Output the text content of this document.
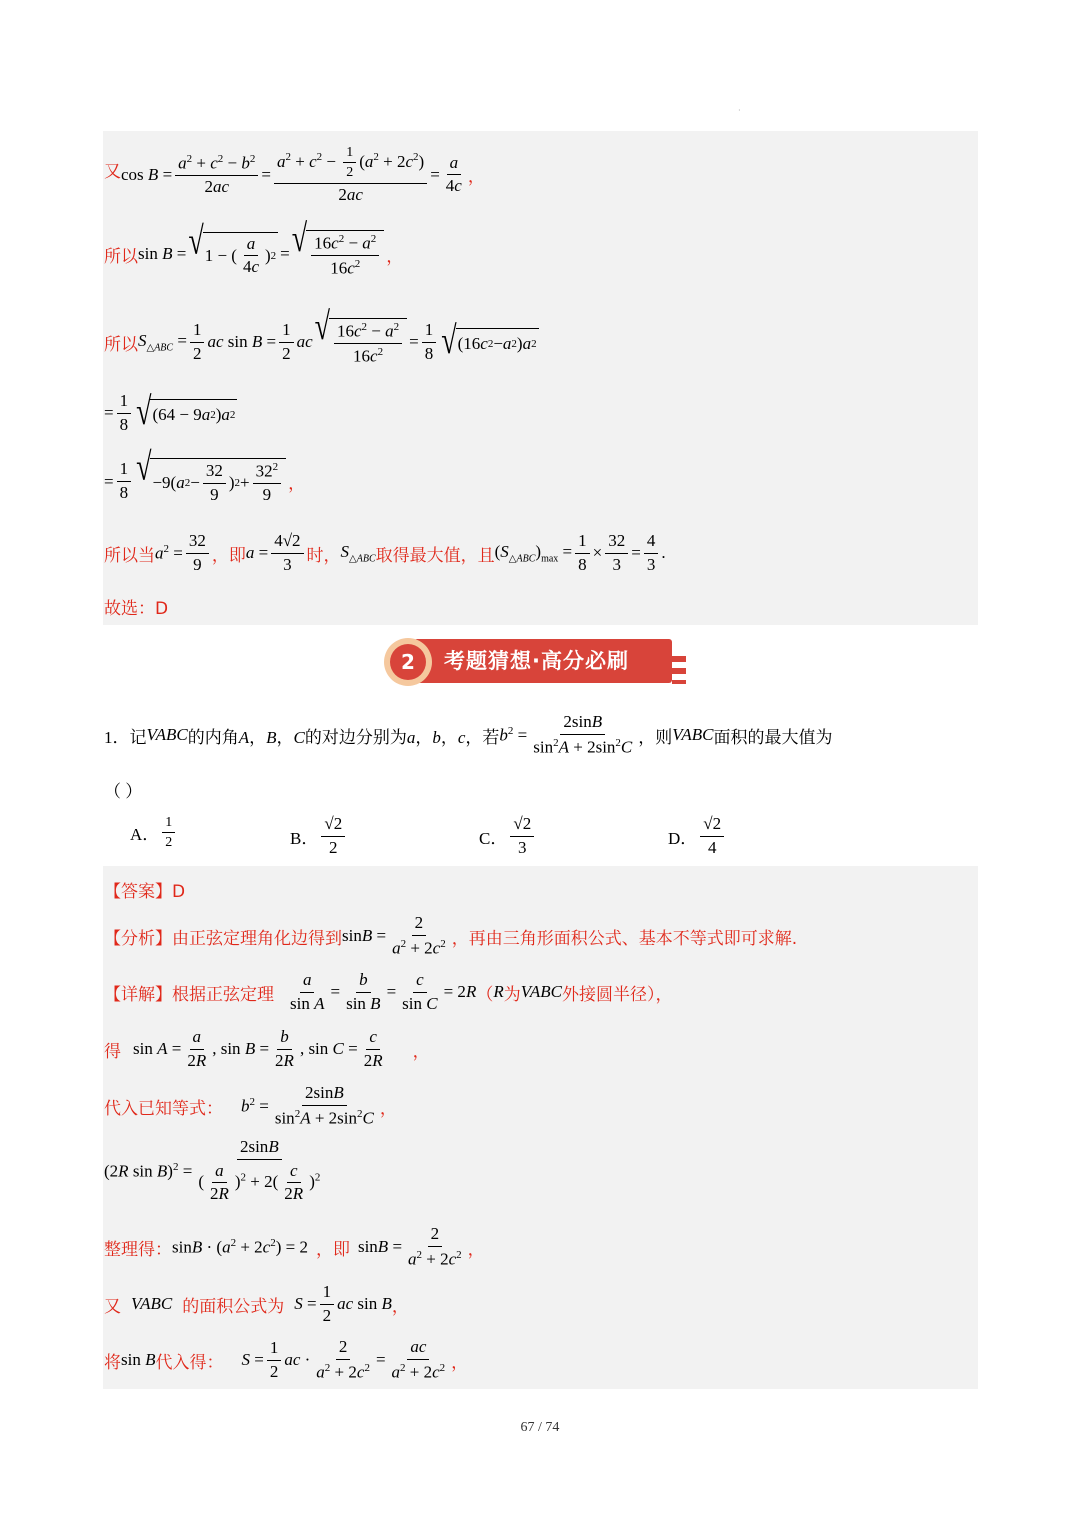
·
又 $\cos B = \frac{a^2 + c^2 - b^2}{2ac} = \frac{a^2 + c^2 - \frac{1}{2} (a^2 + 2c^2)}{2ac} = \frac{a}{4c}$ ，
所以 sin B = √ 1 − ( $\frac{a}{4c}$ ) 2 = √ $\frac{16c^2 - a^2}{16c^2}$ ，
所以 $S_{\triangle ABC} = \frac{1}{2}$ ac $\sin B = \frac{1}{2}$ ac √ $\frac{16c^2 - a^2}{16c^2} = \frac{1}{8}$ √ (16 c 2 − a 2 ) a 2
= $\frac{1}{8}$ √ (64 − 9 a 2 ) a 2
= $\frac{1}{8}$ √ −9( a $2 - \frac{32}{9}$ ) $2 + \frac{32^2}{9}$ ，
所以当 $a^2 = \frac{32}{9}$ ，即 $a = \frac{4√2}{3}$ 时， $S_{\triangle ABC}$ 取得最大值，且 $(S_{\triangle ABC})_{max} = \frac{1}{8} \times \frac{32}{3} = \frac{4}{3}$ .
故选：D
2	考题猜想·高分必刷
1． 记 VABC 的内角 A，B，C 的对边分别为 a，b，c ，若 $b^2 = \frac{2\sin B}{\sin^2A + 2\sin^2C}$ ，则 VABC 面积的最大值为
（ ）
A． $\frac{1}{2}$	B． $\frac{√2}{2}$	C． $\frac{√2}{3}$	D． $\frac{√2}{4}$
【答案】D
【分析】由正弦定理角化边得到 $\sin B = \frac{2}{a^2 + 2c^2}$ ，再由三角形面积公式、基本不等式即可求解.
【详解】根据正弦定理 $\frac{a}{\text{sin A}} = \frac{b}{\text{sin B}} = \frac{c}{\text{sin C}} = 2R$ （ R 为 VABC 外接圆半径），
得 $\sin A = \frac{a}{2R}$ , $\sin B = \frac{b}{2R}$ , $\sin C = \frac{c}{2R}$ ，
代入已知等式： $b^2 = \frac{2\sin B}{\sin^2A + 2\sin^2C}$ ，
(2R $\sin B)^2 = \frac{2\sin B}{( \frac{a}{2R} )^2 + 2( \frac{c}{2R} )^2}$
整理得： $\sin B \cdot (a^2 + 2c^2) = 2$ ，即 $\sin B = \frac{2}{a^2 + 2c^2}$ ，
又 VABC 的面积公式为 $S = \frac{1}{2}$ ac sin B ，
将 sin B 代入得： $S = \frac{1}{2}$ ac · $\frac{2}{a^2 + 2c^2} = \frac{ac}{a^2 + 2c^2}$ ，
67 / 74
